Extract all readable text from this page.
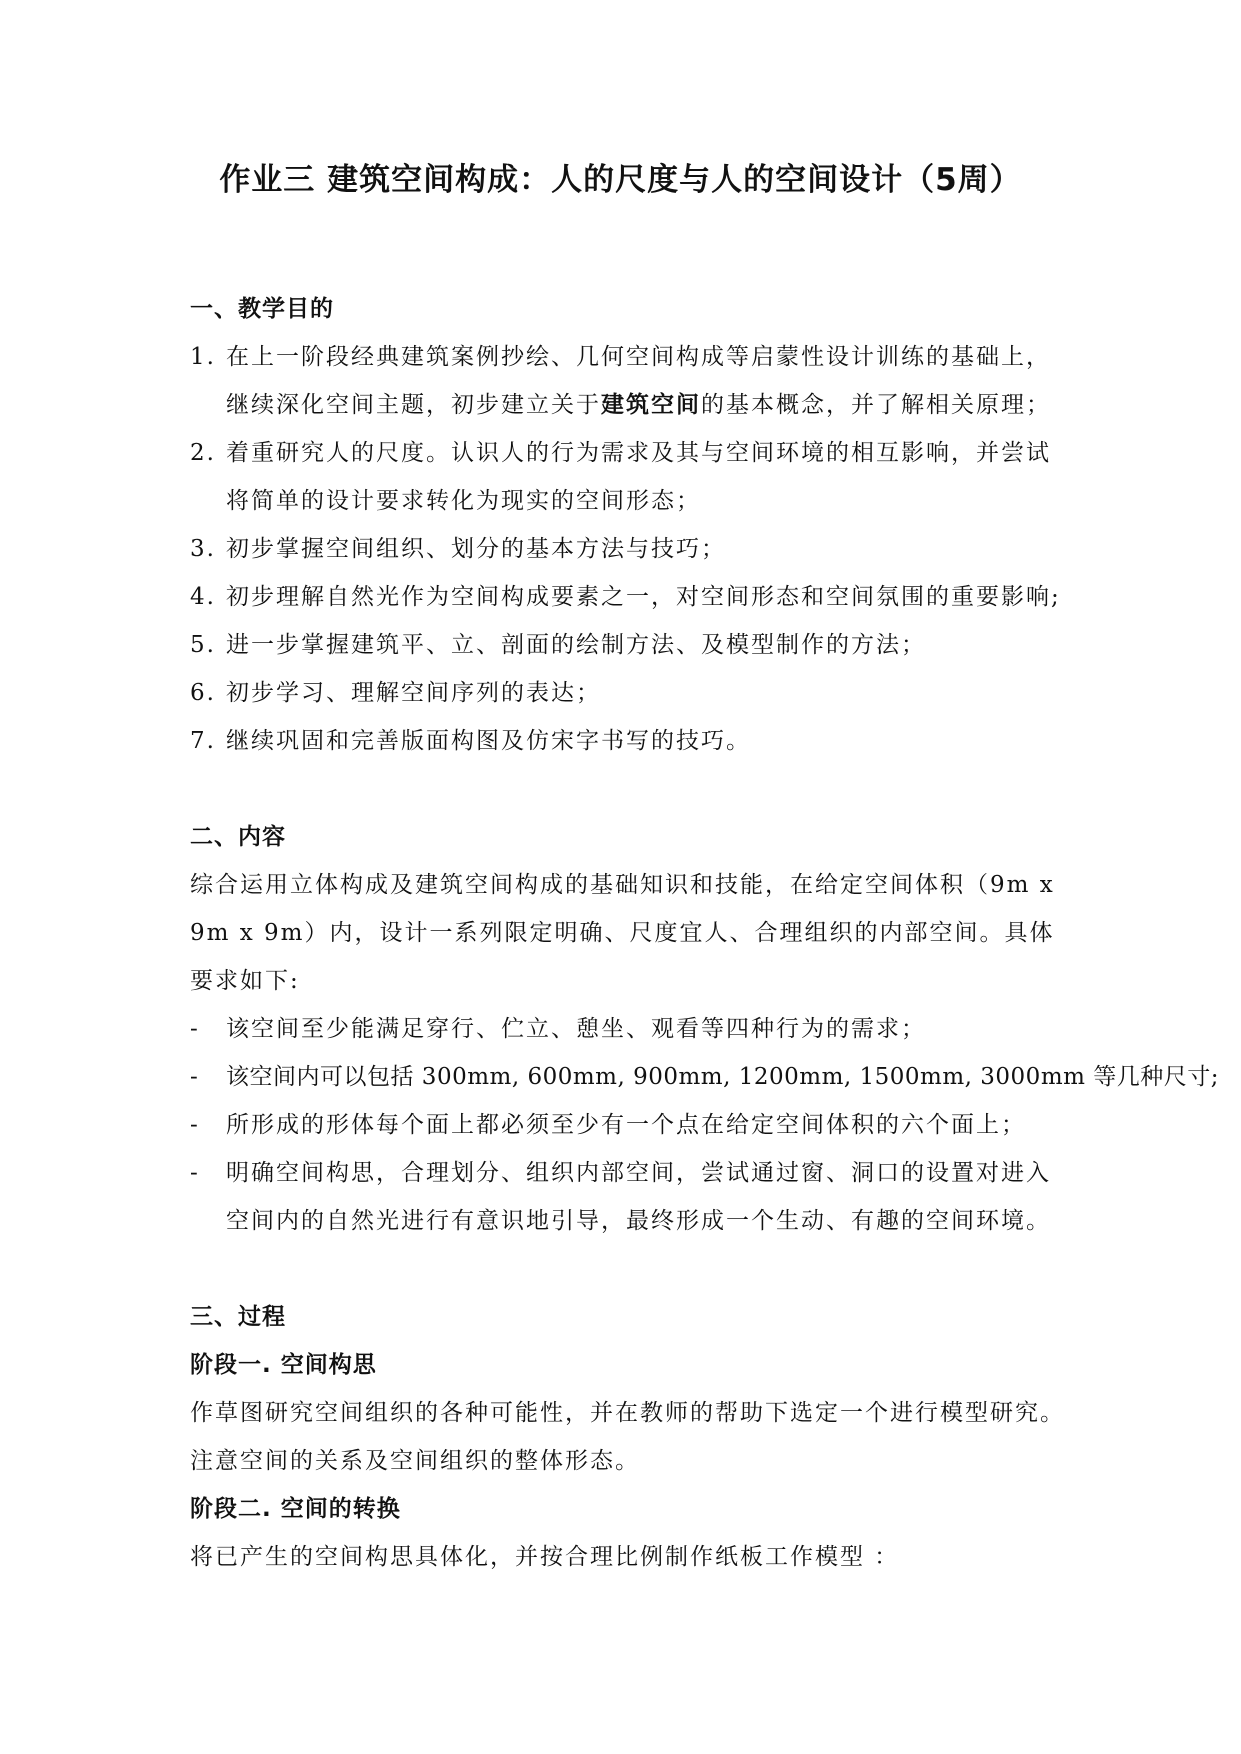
作业三 建筑空间构成：人的尺度与人的空间设计（5周）
一、教学目的
1. 在上一阶段经典建筑案例抄绘、几何空间构成等启蒙性设计训练的基础上，继续深化空间主题，初步建立关于建筑空间的基本概念，并了解相关原理；
2. 着重研究人的尺度。认识人的行为需求及其与空间环境的相互影响，并尝试将简单的设计要求转化为现实的空间形态；
3. 初步掌握空间组织、划分的基本方法与技巧；
4. 初步理解自然光作为空间构成要素之一，对空间形态和空间氛围的重要影响;
5. 进一步掌握建筑平、立、剖面的绘制方法、及模型制作的方法；
6. 初步学习、理解空间序列的表达；
7. 继续巩固和完善版面构图及仿宋字书写的技巧。
二、内容
综合运用立体构成及建筑空间构成的基础知识和技能，在给定空间体积（9m x 9m x 9m）内，设计一系列限定明确、尺度宜人、合理组织的内部空间。具体要求如下:
- 该空间至少能满足穿行、伫立、憩坐、观看等四种行为的需求；
- 该空间内可以包括 300mm, 600mm, 900mm, 1200mm, 1500mm, 3000mm 等几种尺寸;
- 所形成的形体每个面上都必须至少有一个点在给定空间体积的六个面上；
- 明确空间构思，合理划分、组织内部空间，尝试通过窗、洞口的设置对进入空间内的自然光进行有意识地引导，最终形成一个生动、有趣的空间环境。
三、过程
阶段一. 空间构思
作草图研究空间组织的各种可能性，并在教师的帮助下选定一个进行模型研究。注意空间的关系及空间组织的整体形态。
阶段二. 空间的转换
将已产生的空间构思具体化，并按合理比例制作纸板工作模型 ：
